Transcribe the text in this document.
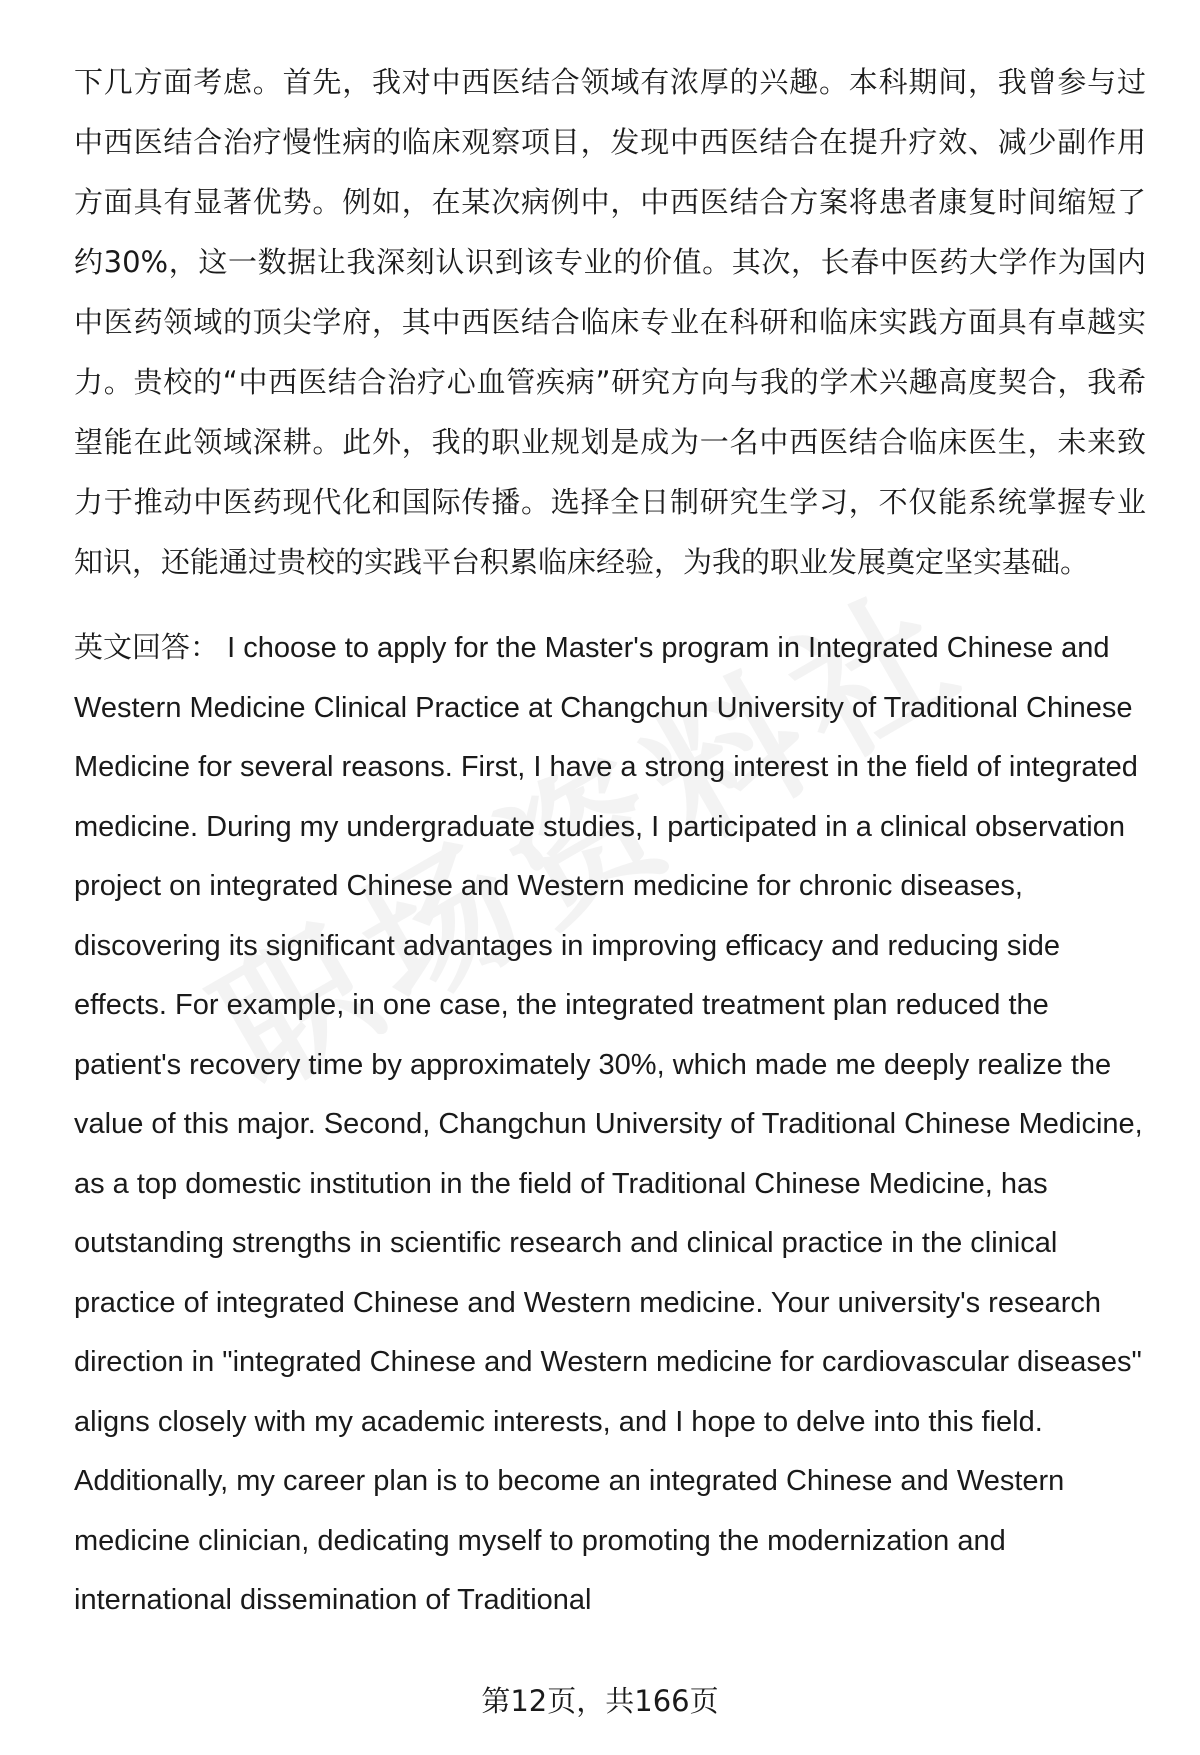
下几方面考虑。首先，我对中西医结合领域有浓厚的兴趣。本科期间，我曾参与过中西医结合治疗慢性病的临床观察项目，发现中西医结合在提升疗效、减少副作用方面具有显著优势。例如，在某次病例中，中西医结合方案将患者康复时间缩短了约30%，这一数据让我深刻认识到该专业的价值。其次，长春中医药大学作为国内中医药领域的顶尖学府，其中西医结合临床专业在科研和临床实践方面具有卓越实力。贵校的“中西医结合治疗心血管疾病”研究方向与我的学术兴趣高度契合，我希望能在此领域深耕。此外，我的职业规划是成为一名中西医结合临床医生，未来致力于推动中医药现代化和国际传播。选择全日制研究生学习，不仅能系统掌握专业知识，还能通过贵校的实践平台积累临床经验，为我的职业发展奠定坚实基础。
英文回答： I choose to apply for the Master's program in Integrated Chinese and Western Medicine Clinical Practice at Changchun University of Traditional Chinese Medicine for several reasons. First, I have a strong interest in the field of integrated medicine. During my undergraduate studies, I participated in a clinical observation project on integrated Chinese and Western medicine for chronic diseases, discovering its significant advantages in improving efficacy and reducing side effects. For example, in one case, the integrated treatment plan reduced the patient's recovery time by approximately 30%, which made me deeply realize the value of this major. Second, Changchun University of Traditional Chinese Medicine, as a top domestic institution in the field of Traditional Chinese Medicine, has outstanding strengths in scientific research and clinical practice in the clinical practice of integrated Chinese and Western medicine. Your university's research direction in "integrated Chinese and Western medicine for cardiovascular diseases" aligns closely with my academic interests, and I hope to delve into this field. Additionally, my career plan is to become an integrated Chinese and Western medicine clinician, dedicating myself to promoting the modernization and international dissemination of Traditional
第12页，共166页
